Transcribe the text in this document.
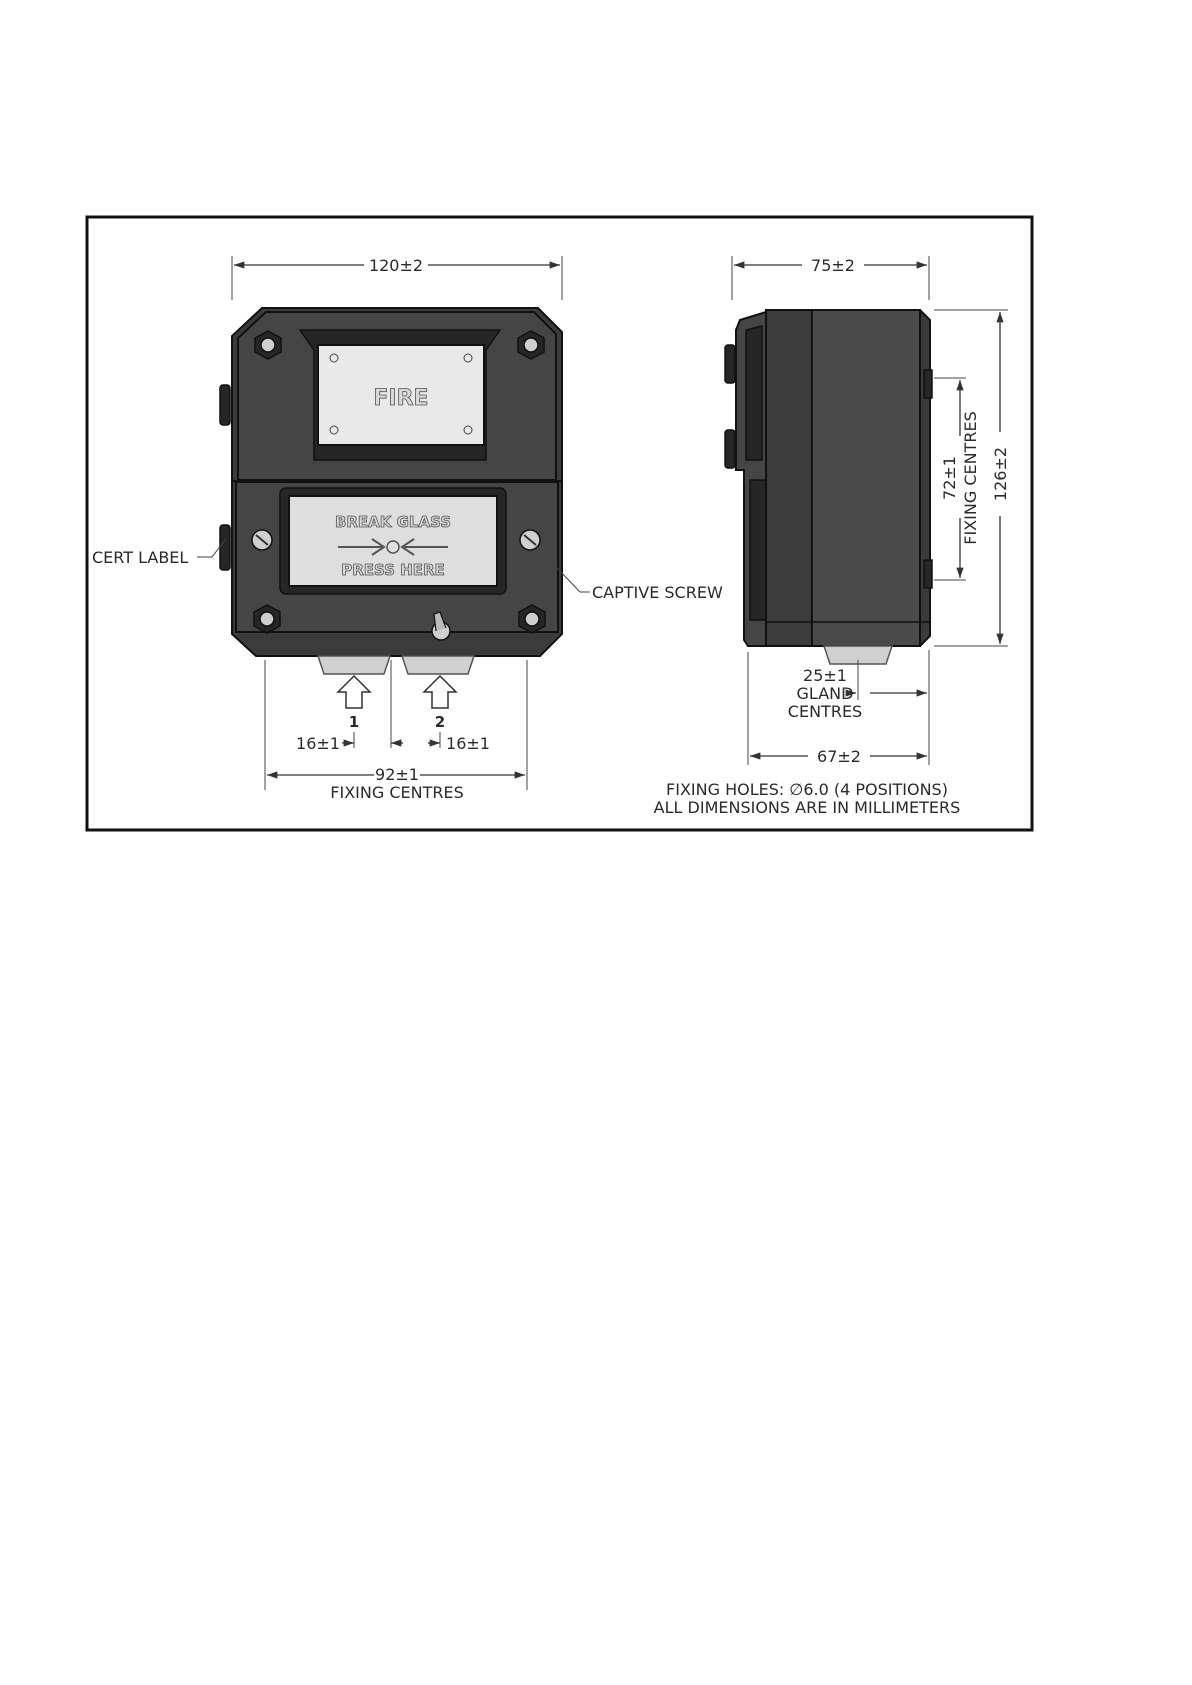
FIRE
BREAK GLASS
PRESS HERE
1	2
120±2
16±1	16±1
92±1
FIXING CENTRES
CERT LABEL
CAPTIVE SCREW
75±2
126±2
72±1 FIXING CENTRES
25±1
GLAND
CENTRES
67±2
FIXING HOLES: ∅6.0 (4 POSITIONS)
ALL DIMENSIONS ARE IN MILLIMETERS
